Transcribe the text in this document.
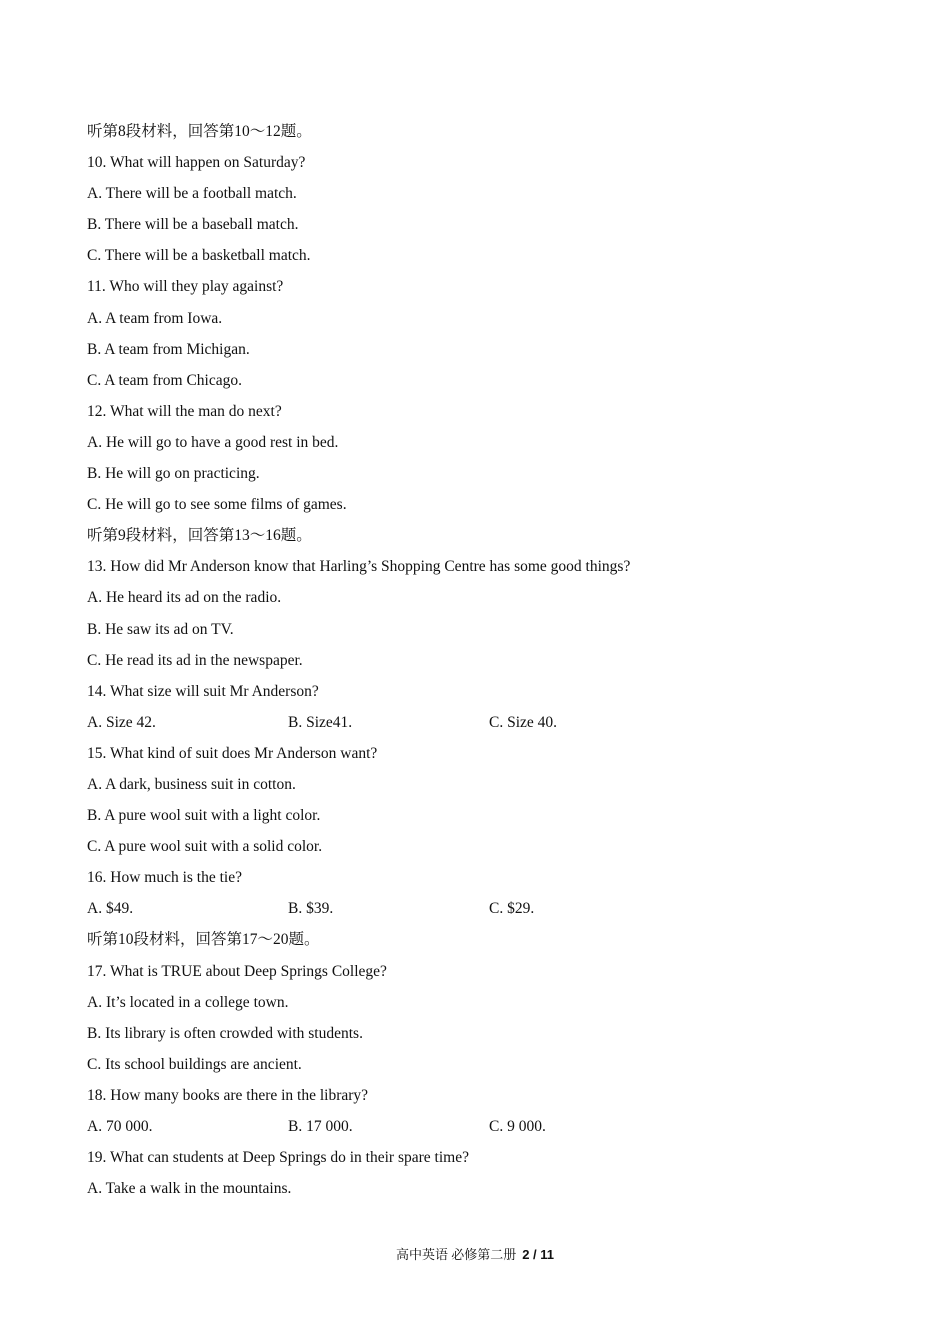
听第8段材料，回答第10～12题。
10. What will happen on Saturday?
A. There will be a football match.
B. There will be a baseball match.
C. There will be a basketball match.
11. Who will they play against?
A. A team from Iowa.
B. A team from Michigan.
C. A team from Chicago.
12. What will the man do next?
A. He will go to have a good rest in bed.
B. He will go on practicing.
C. He will go to see some films of games.
听第9段材料，回答第13～16题。
13. How did Mr Anderson know that Harling’s Shopping Centre has some good things?
A. He heard its ad on the radio.
B. He saw its ad on TV.
C. He read its ad in the newspaper.
14. What size will suit Mr Anderson?
A. Size 42.	B. Size41.	C. Size 40.
15. What kind of suit does Mr Anderson want?
A. A dark, business suit in cotton.
B. A pure wool suit with a light color.
C. A pure wool suit with a solid color.
16. How much is the tie?
A. $49.	B. $39.	C. $29.
听第10段材料，回答第17～20题。
17. What is TRUE about Deep Springs College?
A. It’s located in a college town.
B. Its library is often crowded with students.
C. Its school buildings are ancient.
18. How many books are there in the library?
A. 70 000.	B. 17 000.	C. 9 000.
19. What can students at Deep Springs do in their spare time?
A. Take a walk in the mountains.
高中英语 必修第二册 2 / 11
